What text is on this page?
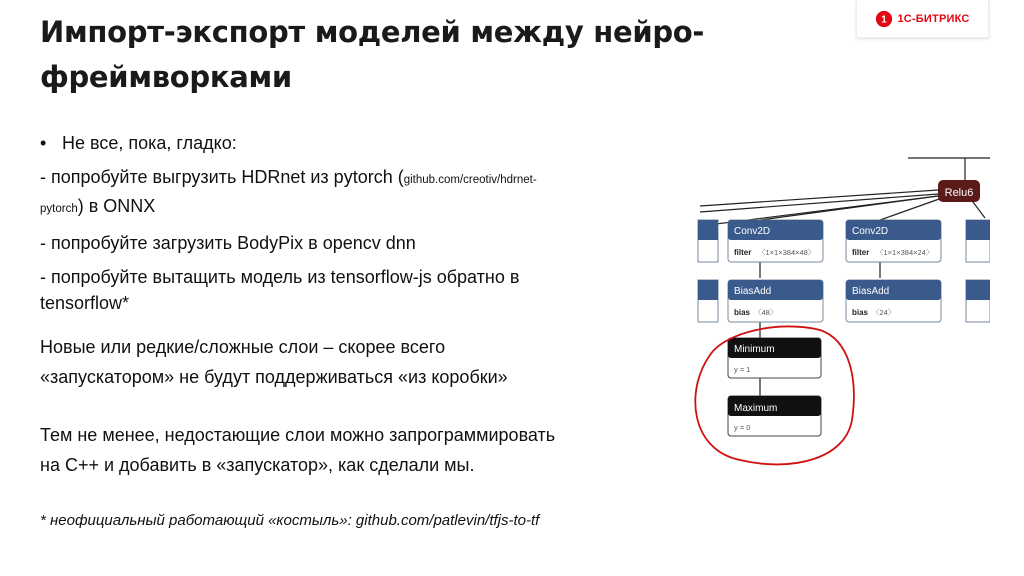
Импорт-экспорт моделей между нейро-
фреймворками
1 1С-БИТРИКС
• Не все, пока, гладко:
- попробуйте выгрузить HDRnet из pytorch (github.com/creotiv/hdrnet-
pytorch) в ONNX
- попробуйте загрузить BodyPix в opencv dnn
- попробуйте вытащить модель из tensorflow-js обратно в
tensorflow*
Новые или редкие/сложные слои – скорее всего
«запускатором» не будут поддерживаться «из коробки»
Тем не менее, недостающие слои можно запрограммировать
на C++ и добавить в «запускатор», как сделали мы.
* неофициальный работающий «костыль»: github.com/patlevin/tfjs-to-tf
Relu6
Conv2D
filter 〈1×1×384×48〉
Conv2D
filter 〈1×1×384×24〉
BiasAdd
bias 〈48〉
BiasAdd
bias 〈24〉
Minimum
y = 1
Maximum
y = 0
